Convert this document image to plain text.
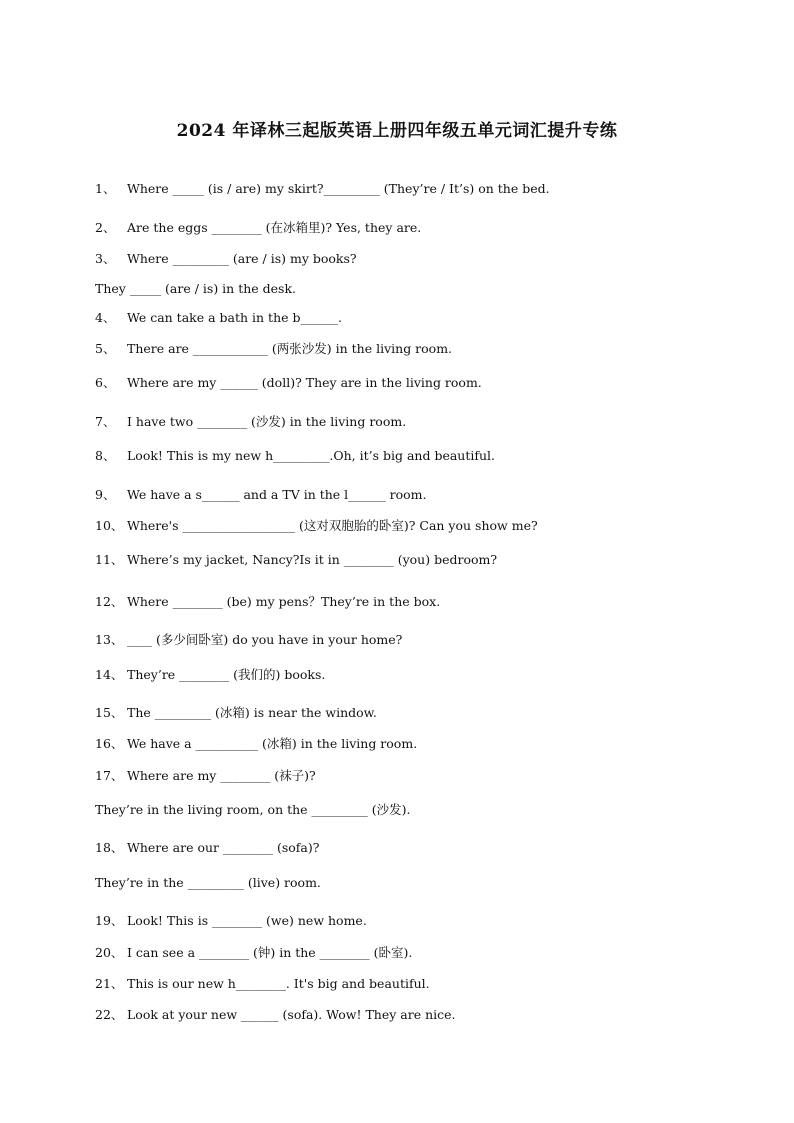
2024 年译林三起版英语上册四年级五单元词汇提升专练
1、 Where _____ (is / are) my skirt?_________ (They’re / It’s) on the bed.
2、 Are the eggs ________ (在冰箱里)? Yes, they are.
3、 Where _________ (are / is) my books?
They _____ (are / is) in the desk.
4、 We can take a bath in the b______.
5、 There are ____________ (两张沙发) in the living room.
6、 Where are my ______ (doll)? They are in the living room.
7、 I have two ________ (沙发) in the living room.
8、 Look! This is my new h_________.Oh, it’s big and beautiful.
9、 We have a s______ and a TV in the l______ room.
10、 Where's __________________ (这对双胞胎的卧室)? Can you show me?
11、 Where’s my jacket, Nancy?Is it in ________ (you) bedroom?
12、 Where ________ (be) my pens？They’re in the box.
13、 ____ (多少间卧室) do you have in your home?
14、 They’re ________ (我们的) books.
15、 The _________ (冰箱) is near the window.
16、 We have a __________ (冰箱) in the living room.
17、 Where are my ________ (袜子)?
They’re in the living room, on the _________ (沙发).
18、 Where are our ________ (sofa)?
They’re in the _________ (live) room.
19、 Look! This is ________ (we) new home.
20、 I can see a ________ (钟) in the ________ (卧室).
21、 This is our new h________. It's big and beautiful.
22、 Look at your new ______ (sofa). Wow! They are nice.
